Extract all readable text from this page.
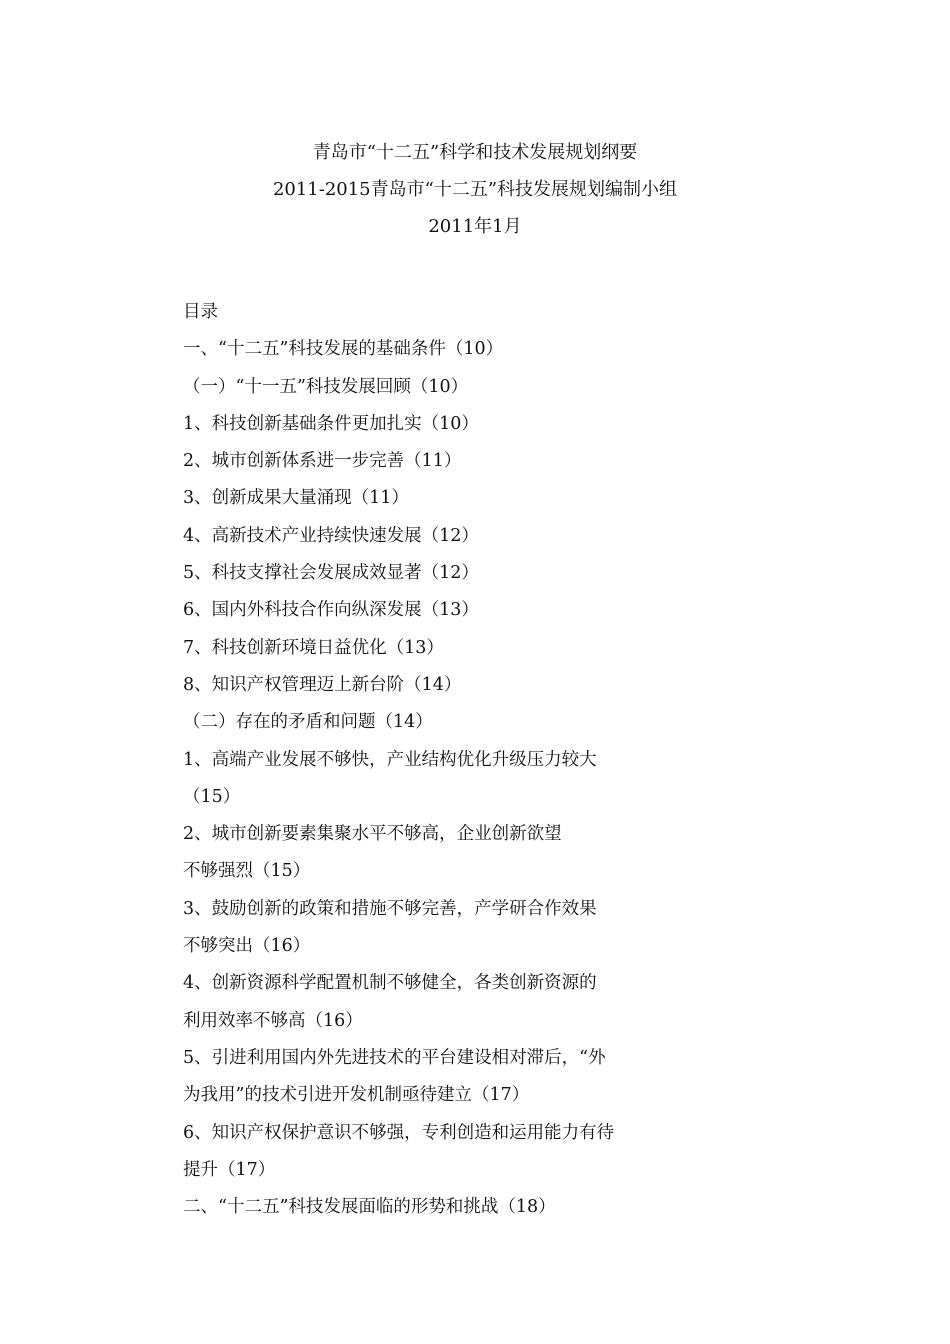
青岛市“十二五”科学和技术发展规划纲要
2011-2015青岛市“十二五”科技发展规划编制小组
2011年1月
目录
一、“十二五”科技发展的基础条件（10）
（一）“十一五”科技发展回顾（10）
1、科技创新基础条件更加扎实（10）
2、城市创新体系进一步完善（11）
3、创新成果大量涌现（11）
4、高新技术产业持续快速发展（12）
5、科技支撑社会发展成效显著（12）
6、国内外科技合作向纵深发展（13）
7、科技创新环境日益优化（13）
8、知识产权管理迈上新台阶（14）
（二）存在的矛盾和问题（14）
1、高端产业发展不够快，产业结构优化升级压力较大
（15）
2、城市创新要素集聚水平不够高，企业创新欲望
不够强烈（15）
3、鼓励创新的政策和措施不够完善，产学研合作效果
不够突出（16）
4、创新资源科学配置机制不够健全，各类创新资源的
利用效率不够高（16）
5、引进利用国内外先进技术的平台建设相对滞后，“外
为我用”的技术引进开发机制亟待建立（17）
6、知识产权保护意识不够强，专利创造和运用能力有待
提升（17）
二、“十二五”科技发展面临的形势和挑战（18）
